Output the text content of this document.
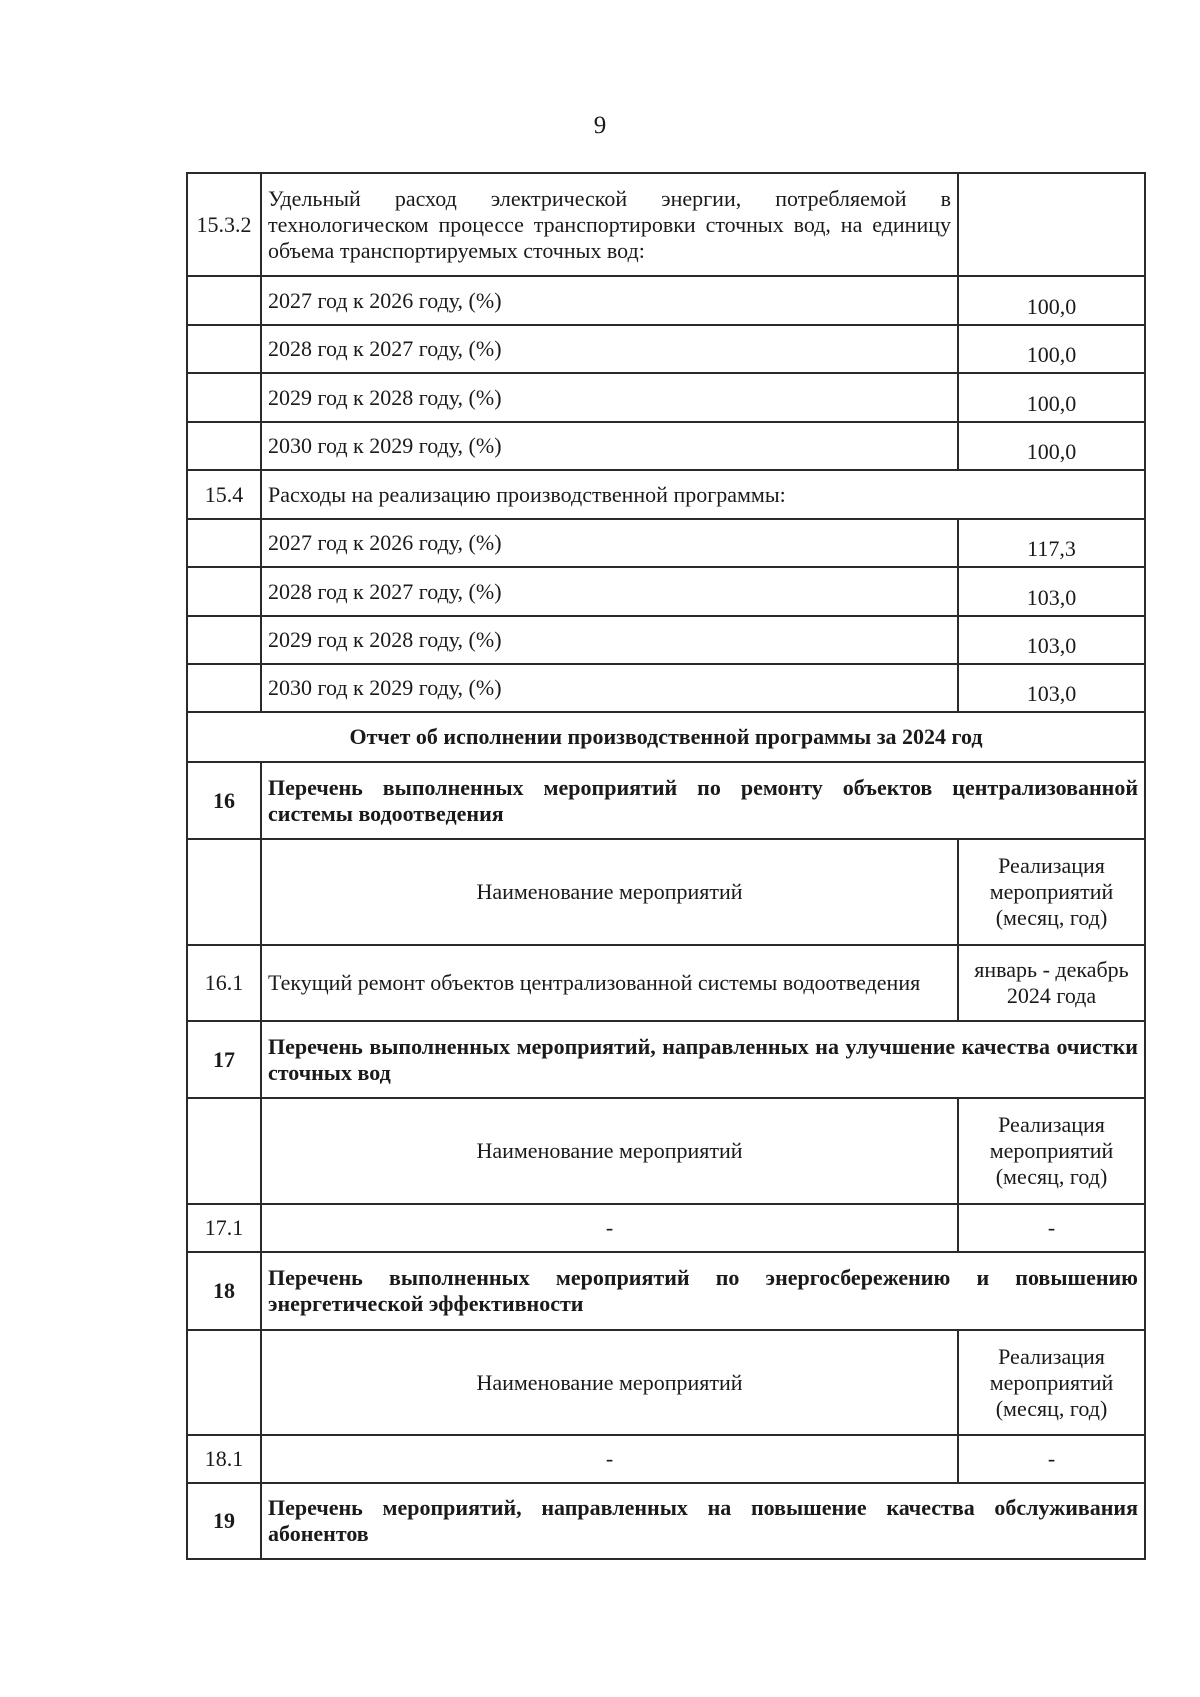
9
15.3.2	Удельный расход электрической энергии, потребляемой в технологическом процессе транспортировки сточных вод, на единицу объема транспортируемых сточных вод:	
	2027 год к 2026 году, (%)	100,0
	2028 год к 2027 году, (%)	100,0
	2029 год к 2028 году, (%)	100,0
	2030 год к 2029 году, (%)	100,0
15.4	Расходы на реализацию производственной программы:	
	2027 год к 2026 году, (%)	117,3
	2028 год к 2027 году, (%)	103,0
	2029 год к 2028 году, (%)	103,0
	2030 год к 2029 году, (%)	103,0
Отчет об исполнении производственной программы за 2024 год		
16	Перечень выполненных мероприятий по ремонту объектов централизованной системы водоотведения	
	Наименование мероприятий	Реализация мероприятий (месяц, год)
16.1	Текущий ремонт объектов централизованной системы водоотведения	январь - декабрь 2024 года
17	Перечень выполненных мероприятий, направленных на улучшение качества очистки сточных вод	
	Наименование мероприятий	Реализация мероприятий (месяц, год)
17.1	-	-
18	Перечень выполненных мероприятий по энергосбережению и повышению энергетической эффективности	
	Наименование мероприятий	Реализация мероприятий (месяц, год)
18.1	-	-
19	Перечень мероприятий, направленных на повышение качества обслуживания абонентов	
